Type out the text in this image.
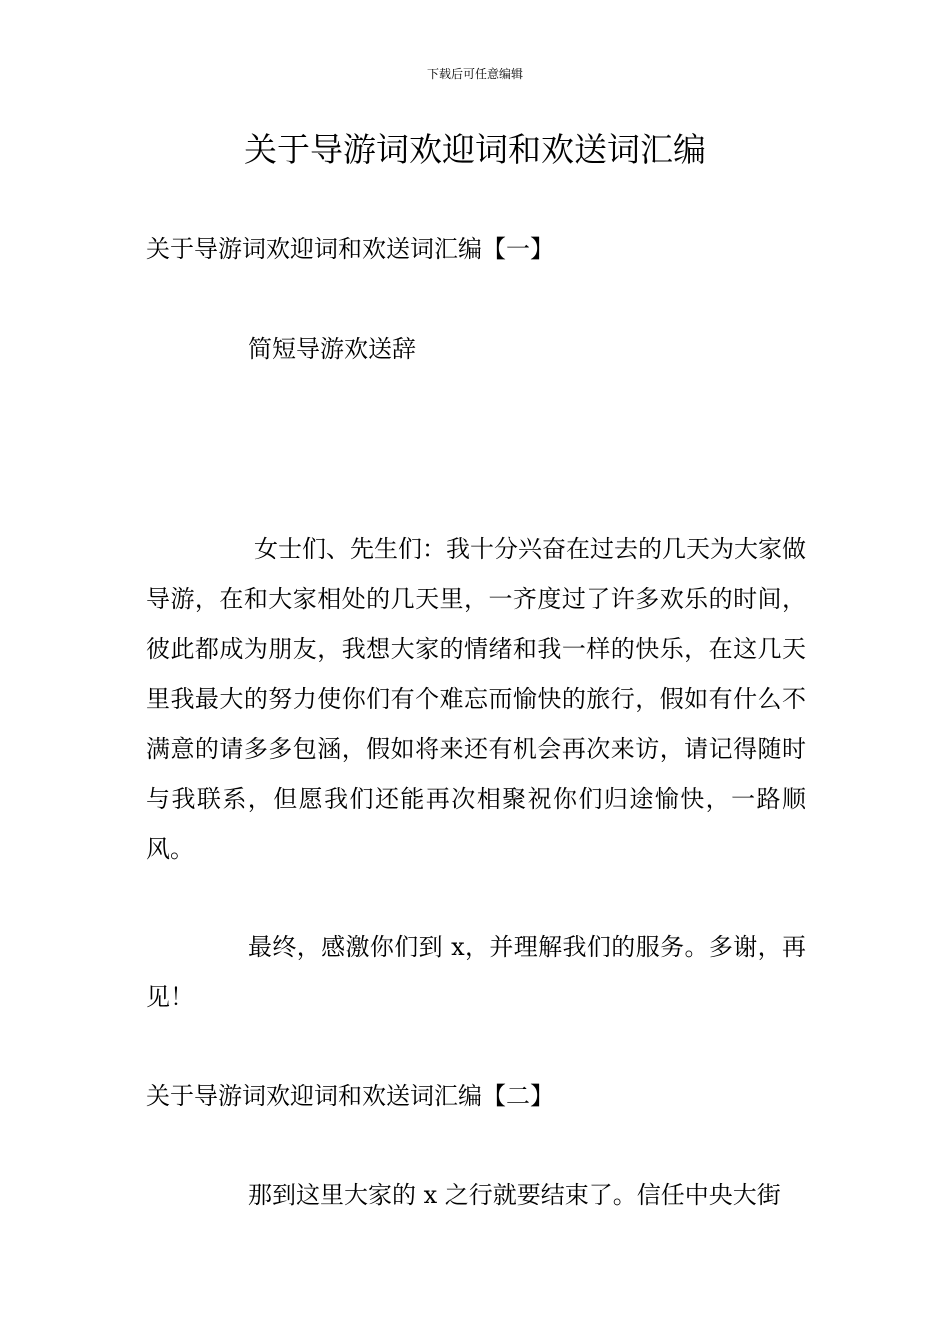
下载后可任意编辑
关于导游词欢迎词和欢送词汇编

关于导游词欢迎词和欢送词汇编【一】

简短导游欢送辞

女士们、先生们：我十分兴奋在过去的几天为大家做导游，在和大家相处的几天里，一齐度过了许多欢乐的时间，彼此都成为朋友，我想大家的情绪和我一样的快乐，在这几天里我最大的努力使你们有个难忘而愉快的旅行，假如有什么不满意的请多多包涵，假如将来还有机会再次来访，请记得随时与我联系，但愿我们还能再次相聚祝你们归途愉快，一路顺风。

最终，感激你们到 x，并理解我们的服务。多谢，再见！

关于导游词欢迎词和欢送词汇编【二】

那到这里大家的 x 之行就要结束了。信任中央大街
